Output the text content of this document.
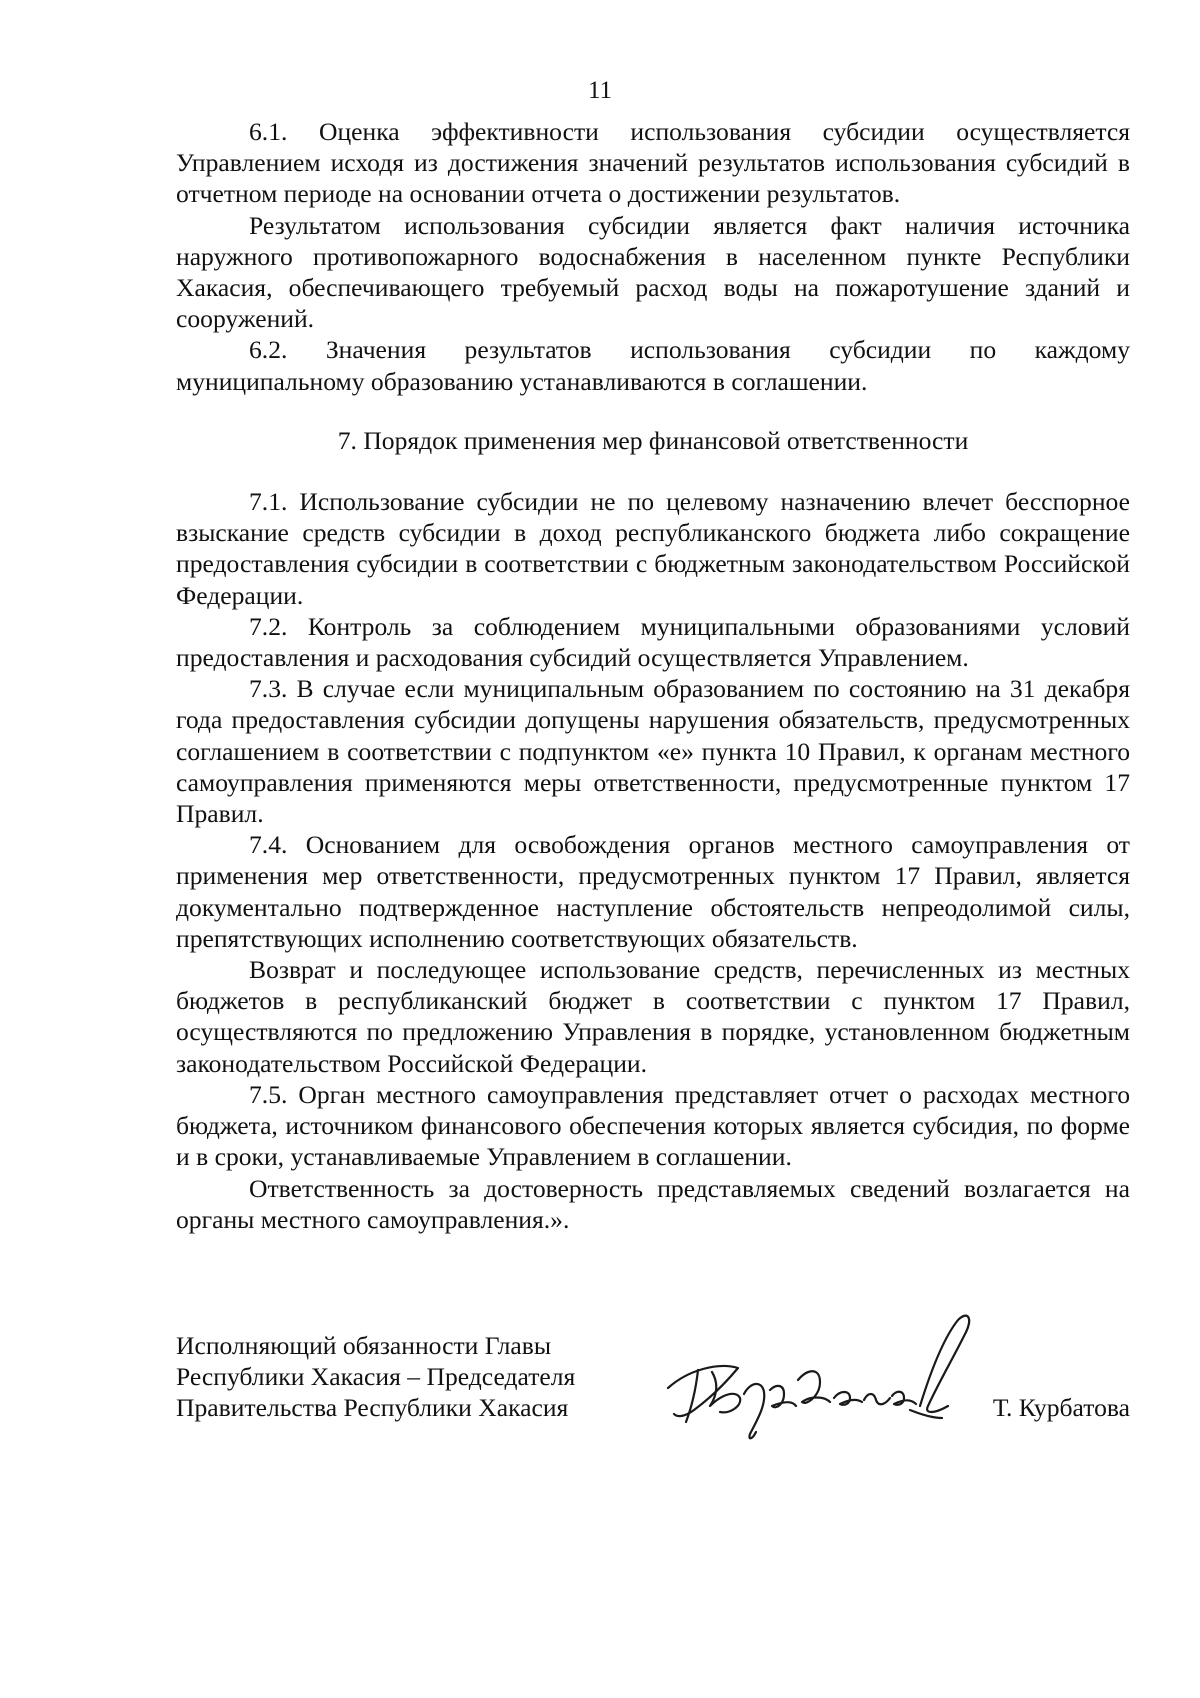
11

6.1. Оценка эффективности использования субсидии осуществляется Управлением исходя из достижения значений результатов использования субсидий в отчетном периоде на основании отчета о достижении результатов.

Результатом использования субсидии является факт наличия источника наружного противопожарного водоснабжения в населенном пункте Республики Хакасия, обеспечивающего требуемый расход воды на пожаротушение зданий и сооружений.

6.2. Значения результатов использования субсидии по каждому муниципальному образованию устанавливаются в соглашении.

7. Порядок применения мер финансовой ответственности

7.1. Использование субсидии не по целевому назначению влечет бесспорное взыскание средств субсидии в доход республиканского бюджета либо сокращение предоставления субсидии в соответствии с бюджетным законодательством Российской Федерации.

7.2. Контроль за соблюдением муниципальными образованиями условий предоставления и расходования субсидий осуществляется Управлением.

7.3. В случае если муниципальным образованием по состоянию на 31 декабря года предоставления субсидии допущены нарушения обязательств, предусмотренных соглашением в соответствии с подпунктом «е» пункта 10 Правил, к органам местного самоуправления применяются меры ответственности, предусмотренные пунктом 17 Правил.

7.4. Основанием для освобождения органов местного самоуправления от применения мер ответственности, предусмотренных пунктом 17 Правил, является документально подтвержденное наступление обстоятельств непреодолимой силы, препятствующих исполнению соответствующих обязательств.

Возврат и последующее использование средств, перечисленных из местных бюджетов в республиканский бюджет в соответствии с пунктом 17 Правил, осуществляются по предложению Управления в порядке, установленном бюджетным законодательством Российской Федерации.

7.5. Орган местного самоуправления представляет отчет о расходах местного бюджета, источником финансового обеспечения которых является субсидия, по форме и в сроки, устанавливаемые Управлением в соглашении.

Ответственность за достоверность представляемых сведений возлагается на органы местного самоуправления.».

Исполняющий обязанности Главы
Республики Хакасия – Председателя
Правительства Республики Хакасия	Т. Курбатова
